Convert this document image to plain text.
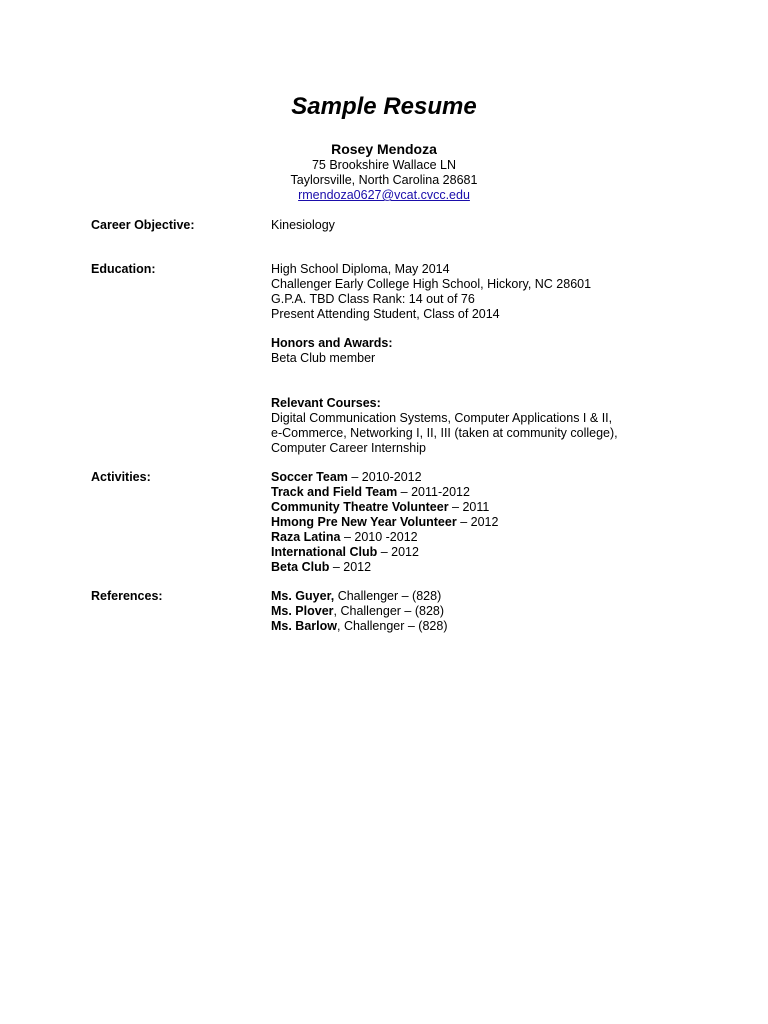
Sample Resume
Rosey Mendoza
75 Brookshire Wallace LN
Taylorsville, North Carolina 28681
rmendoza0627@vcat.cvcc.edu
Career Objective:	Kinesiology
Education:	High School Diploma, May 2014
Challenger Early College High School, Hickory, NC 28601
G.P.A. TBD Class Rank: 14 out of 76
Present Attending Student, Class of 2014
Honors and Awards:
Beta Club member
Relevant Courses:
Digital Communication Systems, Computer Applications I & II,
e-Commerce, Networking I, II, III (taken at community college),
Computer Career Internship
Activities:	Soccer Team – 2010-2012
Track and Field Team – 2011-2012
Community Theatre Volunteer – 2011
Hmong Pre New Year Volunteer – 2012
Raza Latina – 2010 -2012
International Club – 2012
Beta Club – 2012
References:	Ms. Guyer, Challenger – (828)
Ms. Plover, Challenger – (828)
Ms. Barlow, Challenger – (828)
